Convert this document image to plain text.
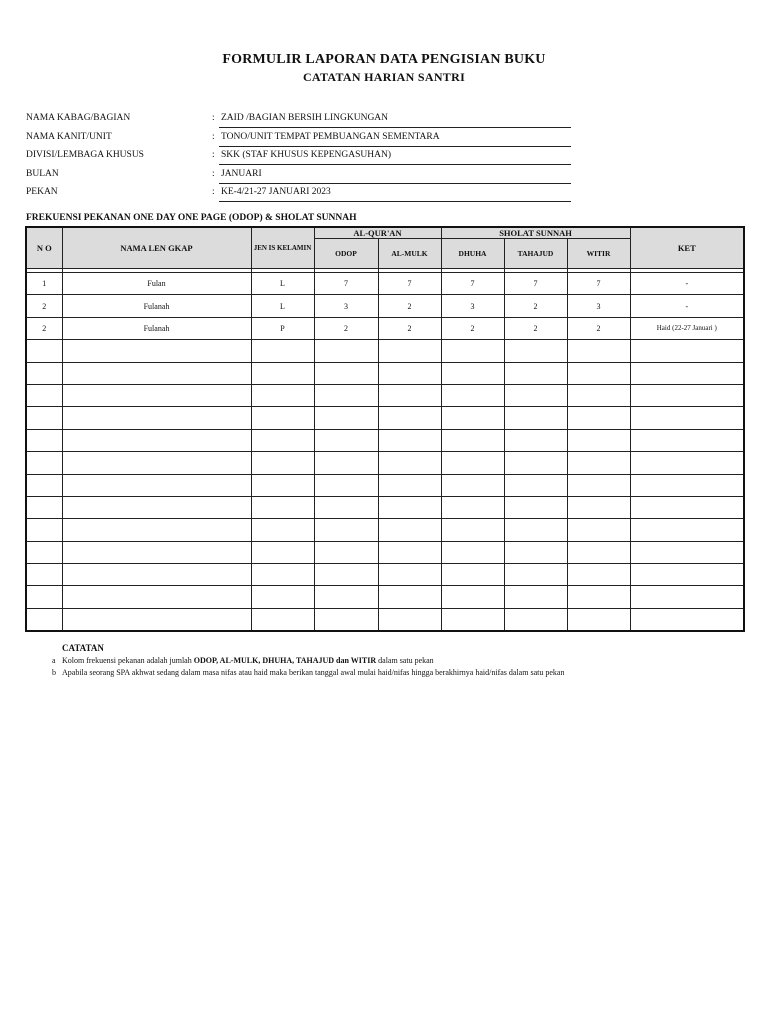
FORMULIR LAPORAN DATA PENGISIAN BUKU
CATATAN HARIAN SANTRI
NAMA KABAG/BAGIAN	: ZAID /BAGIAN BERSIH LINGKUNGAN
NAMA KANIT/UNIT	: TONO/UNIT TEMPAT PEMBUANGAN SEMENTARA
DIVISI/LEMBAGA KHUSUS	: SKK (STAF KHUSUS KEPENGASUHAN)
BULAN	: JANUARI
PEKAN	: KE-4/21-27 JANUARI 2023
FREKUENSI PEKANAN ONE DAY ONE PAGE (ODOP) & SHOLAT SUNNAH
N O	NAMA LEN GKAP	JEN IS KELAMIN	AL-QUR'AN		SHOLAT SUNNAH			KET
			ODOP	AL-MULK	DHUHA	TAHAJUD	WITIR	

1	Fulan	L	7	7	7	7	7	-
2	Fulanah	L	3	2	3	2	3	-
2	Fulanah	P	2	2	2	2	2	Haid (22-27 Januari )

CATATAN
a Kolom frekuensi pekanan adalah jumlah ODOP, AL-MULK, DHUHA, TAHAJUD dan WITIR dalam satu pekan
b Apabila seorang SPA akhwat sedang dalam masa nifas atau haid maka berikan tanggal awal mulai haid/nifas hingga berakhirnya haid/nifas dalam satu pekan
